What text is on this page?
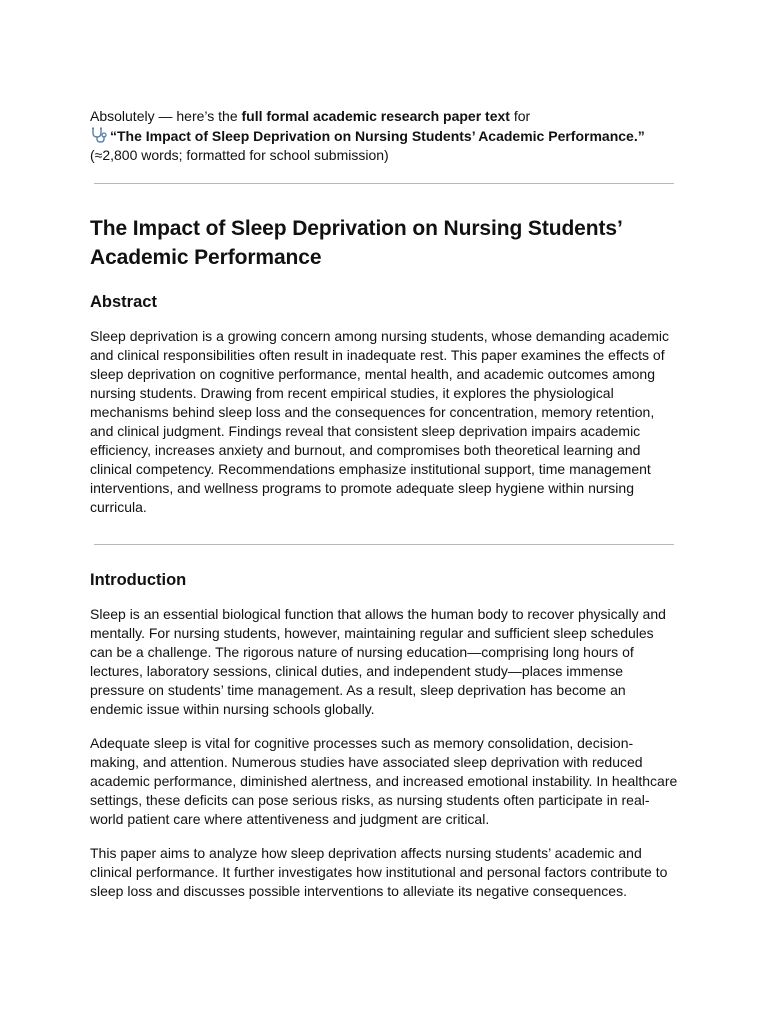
Absolutely — here’s the full formal academic research paper text for
“The Impact of Sleep Deprivation on Nursing Students’ Academic Performance.”
(≈2,800 words; formatted for school submission)
The Impact of Sleep Deprivation on Nursing Students’
Academic Performance
Abstract

Sleep deprivation is a growing concern among nursing students, whose demanding academic and clinical responsibilities often result in inadequate rest. This paper examines the effects of sleep deprivation on cognitive performance, mental health, and academic outcomes among nursing students. Drawing from recent empirical studies, it explores the physiological mechanisms behind sleep loss and the consequences for concentration, memory retention, and clinical judgment. Findings reveal that consistent sleep deprivation impairs academic efficiency, increases anxiety and burnout, and compromises both theoretical learning and clinical competency. Recommendations emphasize institutional support, time management interventions, and wellness programs to promote adequate sleep hygiene within nursing curricula.

Introduction

Sleep is an essential biological function that allows the human body to recover physically and mentally. For nursing students, however, maintaining regular and sufficient sleep schedules can be a challenge. The rigorous nature of nursing education—comprising long hours of lectures, laboratory sessions, clinical duties, and independent study—places immense pressure on students’ time management. As a result, sleep deprivation has become an endemic issue within nursing schools globally.

Adequate sleep is vital for cognitive processes such as memory consolidation, decision-making, and attention. Numerous studies have associated sleep deprivation with reduced academic performance, diminished alertness, and increased emotional instability. In healthcare settings, these deficits can pose serious risks, as nursing students often participate in real-world patient care where attentiveness and judgment are critical.

This paper aims to analyze how sleep deprivation affects nursing students’ academic and clinical performance. It further investigates how institutional and personal factors contribute to sleep loss and discusses possible interventions to alleviate its negative consequences.
